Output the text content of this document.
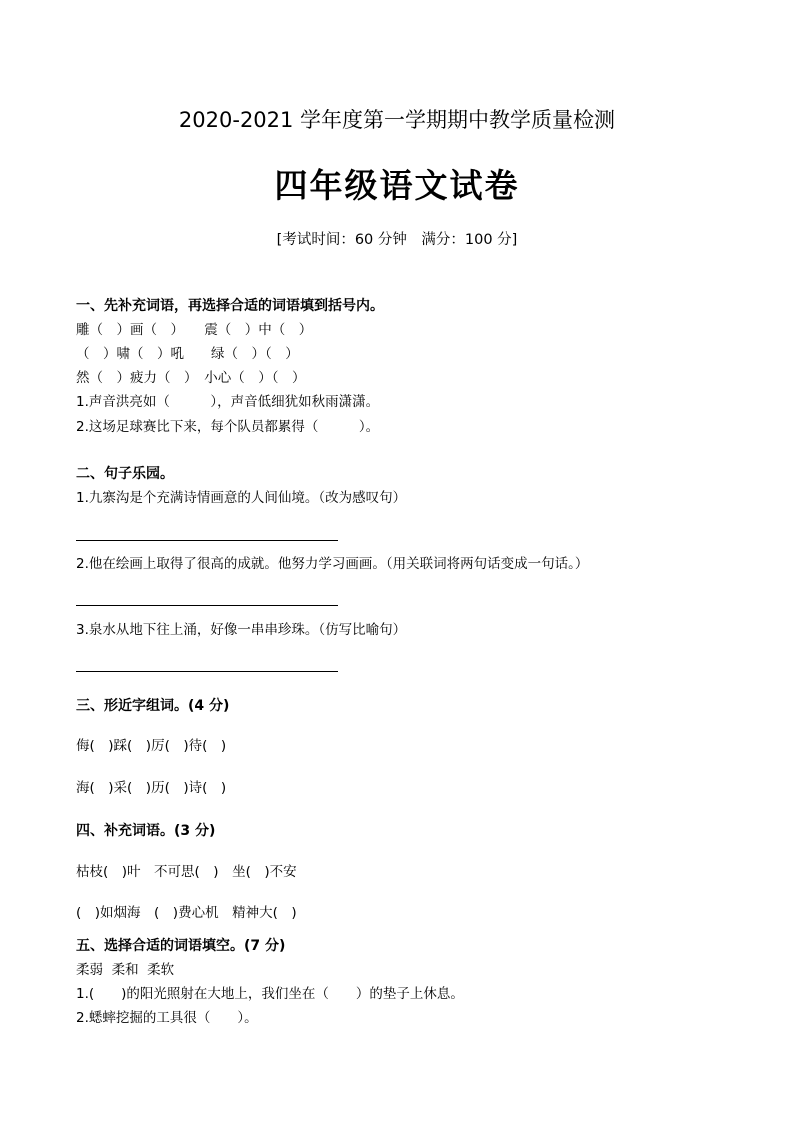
2020-2021 学年度第一学期期中教学质量检测
四年级语文试卷
[考试时间：60 分钟　满分：100 分]
一、先补充词语，再选择合适的词语填到括号内。
雕（　）画（　）　　震（　）中（　）
（　）啸（　）吼　　绿（　）（　）
然（　）疲力（　）　小心（　）（　）
1.声音洪亮如（　　　），声音低细犹如秋雨潇潇。
2.这场足球赛比下来，每个队员都累得（　　　）。
二、句子乐园。
1.九寨沟是个充满诗情画意的人间仙境。（改为感叹句）
2.他在绘画上取得了很高的成就。他努力学习画画。（用关联词将两句话变成一句话。）
3.泉水从地下往上涌，好像一串串珍珠。（仿写比喻句）
三、形近字组词。(4 分)
侮(　)踩(　)厉(　)待(　)
海(　)采(　)历(　)诗(　)
四、补充词语。(3 分)
枯枝(　)叶　不可思(　)　坐(　)不安
(　)如烟海　(　)费心机　精神大(　)
五、选择合适的词语填空。(7 分)
柔弱  柔和  柔软
1.(　　)的阳光照射在大地上，我们坐在（　　）的垫子上休息。
2.蟋蟀挖掘的工具很（　　）。
